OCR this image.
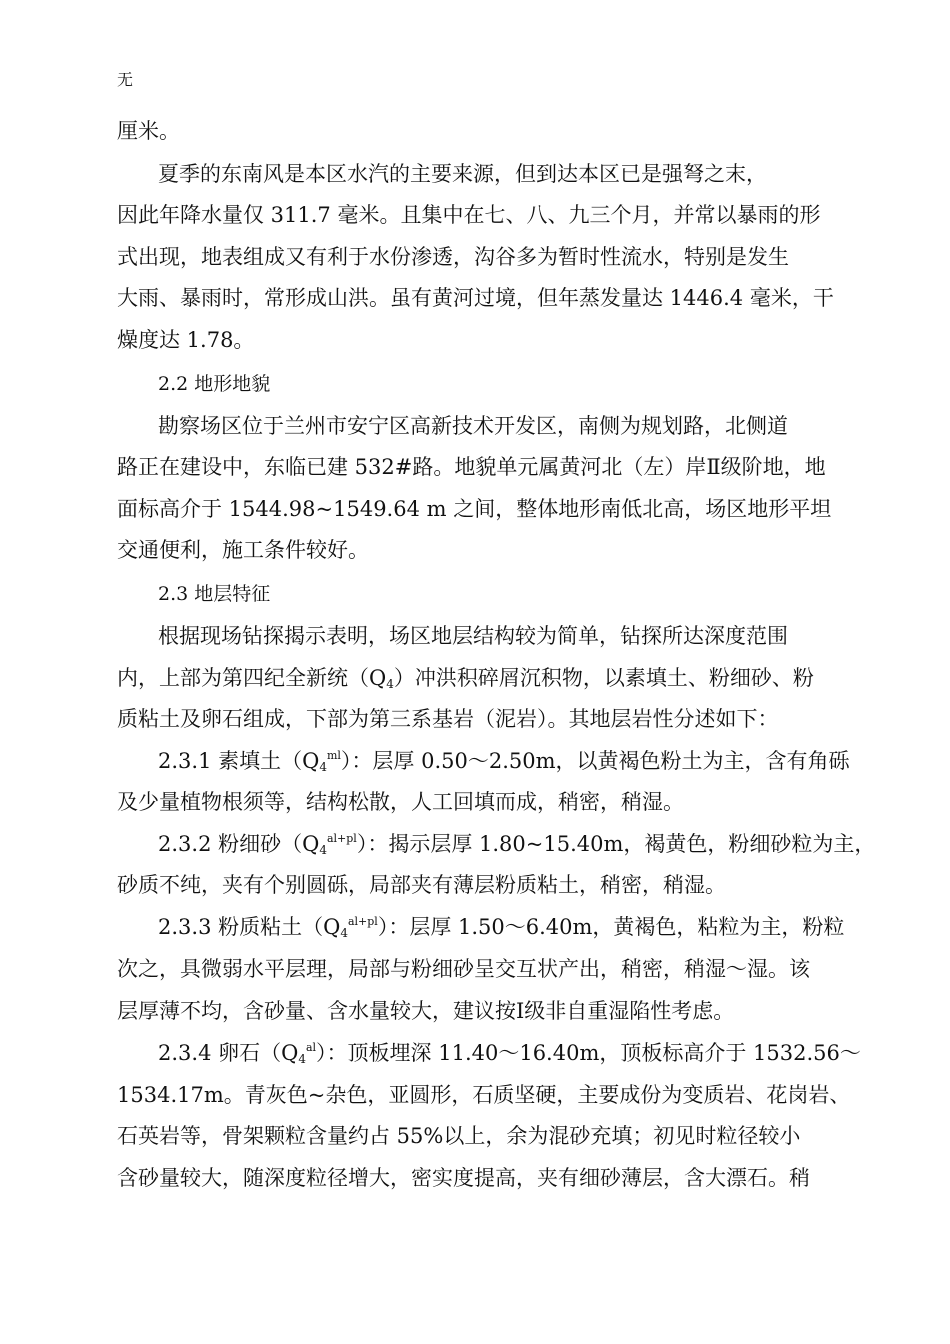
无
厘米。
夏季的东南风是本区水汽的主要来源，但到达本区已是强弩之末，
因此年降水量仅 311.7 毫米。且集中在七、八、九三个月，并常以暴雨的形
式出现，地表组成又有利于水份渗透，沟谷多为暂时性流水，特别是发生
大雨、暴雨时，常形成山洪。虽有黄河过境，但年蒸发量达 1446.4 毫米，干
燥度达 1.78。
2.2 地形地貌
勘察场区位于兰州市安宁区高新技术开发区，南侧为规划路，北侧道
路正在建设中，东临已建 532#路。地貌单元属黄河北（左）岸Ⅱ级阶地，地
面标高介于 1544.98~1549.64 m 之间，整体地形南低北高，场区地形平坦
交通便利，施工条件较好。
2.3 地层特征
根据现场钻探揭示表明，场区地层结构较为简单，钻探所达深度范围
内，上部为第四纪全新统$(Q_4)$冲洪积碎屑沉积物，以素填土、粉细砂、粉
质粘土及卵石组成，下部为第三系基岩（泥岩）。其地层岩性分述如下：
2.3.1 素填土$(Q_4^{ml})$：层厚 0.50～2.50m，以黄褐色粉土为主，含有角砾
及少量植物根须等，结构松散，人工回填而成，稍密，稍湿。
2.3.2 粉细砂$(Q_4^{al+pl})$：揭示层厚 1.80~15.40m，褐黄色，粉细砂粒为主，
砂质不纯，夹有个别圆砾，局部夹有薄层粉质粘土，稍密，稍湿。
2.3.3 粉质粘土$(Q_4^{al+pl})$：层厚 1.50～6.40m，黄褐色，粘粒为主，粉粒
次之，具微弱水平层理，局部与粉细砂呈交互状产出，稍密，稍湿～湿。该
层厚薄不均，含砂量、含水量较大，建议按Ⅰ级非自重湿陷性考虑。
2.3.4 卵石$(Q_4^{al})$：顶板埋深 11.40～16.40m，顶板标高介于 1532.56～
1534.17m。青灰色~杂色，亚圆形，石质坚硬，主要成份为变质岩、花岗岩、
石英岩等，骨架颗粒含量约占 55%以上，余为混砂充填；初见时粒径较小
含砂量较大，随深度粒径增大，密实度提高，夹有细砂薄层，含大漂石。稍
